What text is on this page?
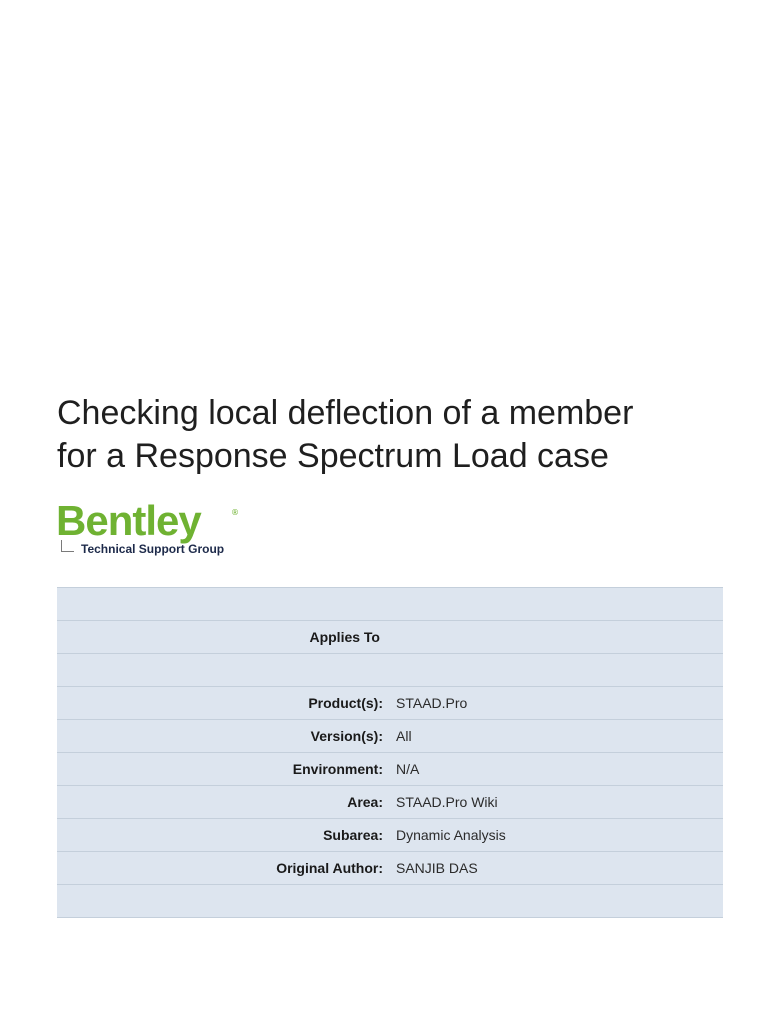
Checking local deflection of a member
for a Response Spectrum Load case
Bentley	®
Technical Support Group
Applies To
Product(s): STAAD.Pro
Version(s): All
Environment: N/A
Area: STAAD.Pro Wiki
Subarea: Dynamic Analysis
Original Author: SANJIB DAS
